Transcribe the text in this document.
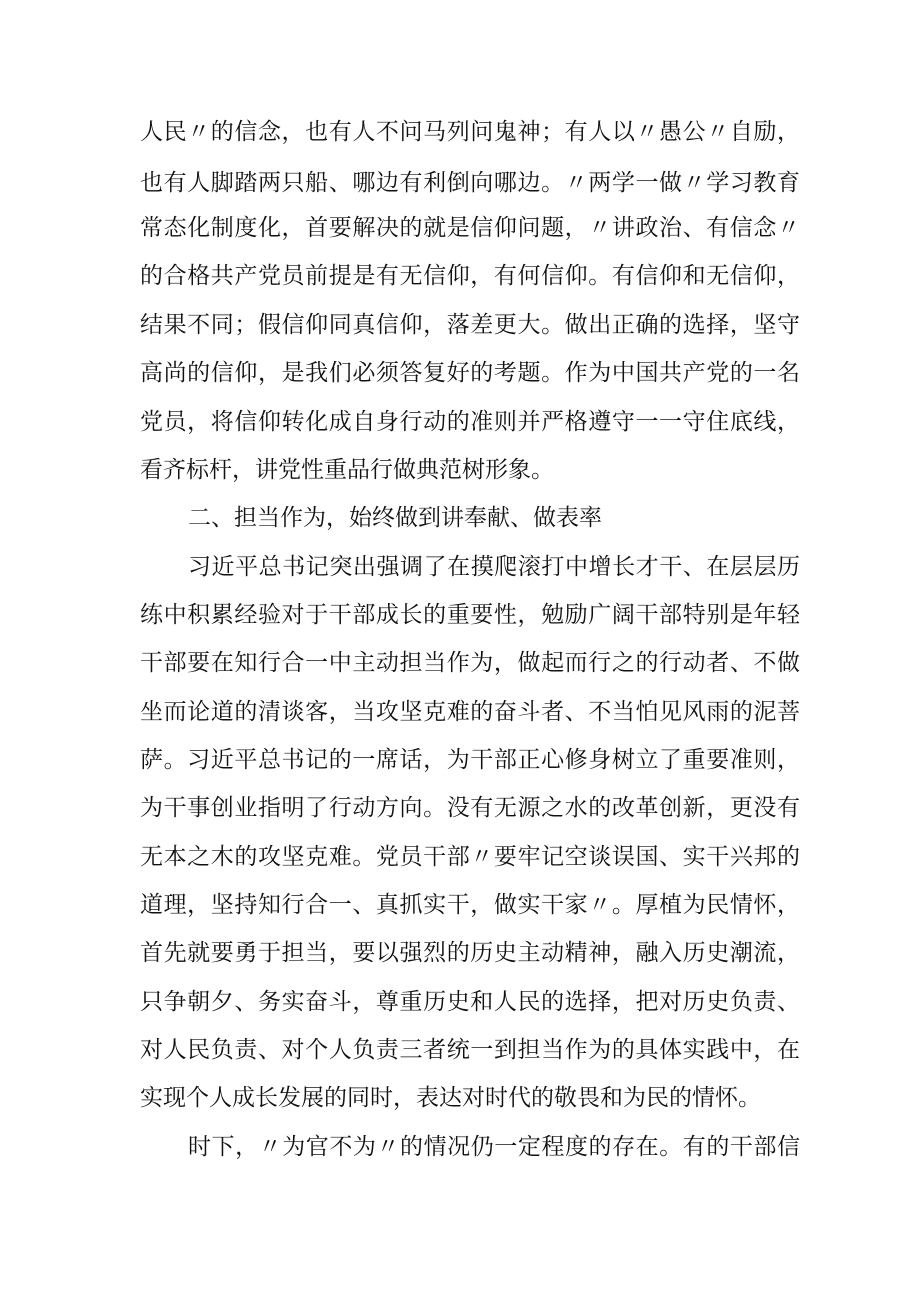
人民〃的信念，也有人不问马列问鬼神；有人以〃愚公〃自励，

也有人脚踏两只船、哪边有利倒向哪边。〃两学一做〃学习教育

常态化制度化，首要解决的就是信仰问题，〃讲政治、有信念〃

的合格共产党员前提是有无信仰，有何信仰。有信仰和无信仰，

结果不同；假信仰同真信仰，落差更大。做出正确的选择，坚守

高尚的信仰，是我们必须答复好的考题。作为中国共产党的一名

党员，将信仰转化成自身行动的准则并严格遵守一一守住底线，

看齐标杆，讲党性重品行做典范树形象。

二、担当作为，始终做到讲奉献、做表率

习近平总书记突出强调了在摸爬滚打中增长才干、在层层历

练中积累经验对于干部成长的重要性，勉励广阔干部特别是年轻

干部要在知行合一中主动担当作为，做起而行之的行动者、不做

坐而论道的清谈客，当攻坚克难的奋斗者、不当怕见风雨的泥菩

萨。习近平总书记的一席话，为干部正心修身树立了重要准则，

为干事创业指明了行动方向。没有无源之水的改革创新，更没有

无本之木的攻坚克难。党员干部〃要牢记空谈误国、实干兴邦的

道理，坚持知行合一、真抓实干，做实干家〃。厚植为民情怀，

首先就要勇于担当，要以强烈的历史主动精神，融入历史潮流，

只争朝夕、务实奋斗，尊重历史和人民的选择，把对历史负责、

对人民负责、对个人负责三者统一到担当作为的具体实践中，在

实现个人成长发展的同时，表达对时代的敬畏和为民的情怀。

时下，〃为官不为〃的情况仍一定程度的存在。有的干部信
